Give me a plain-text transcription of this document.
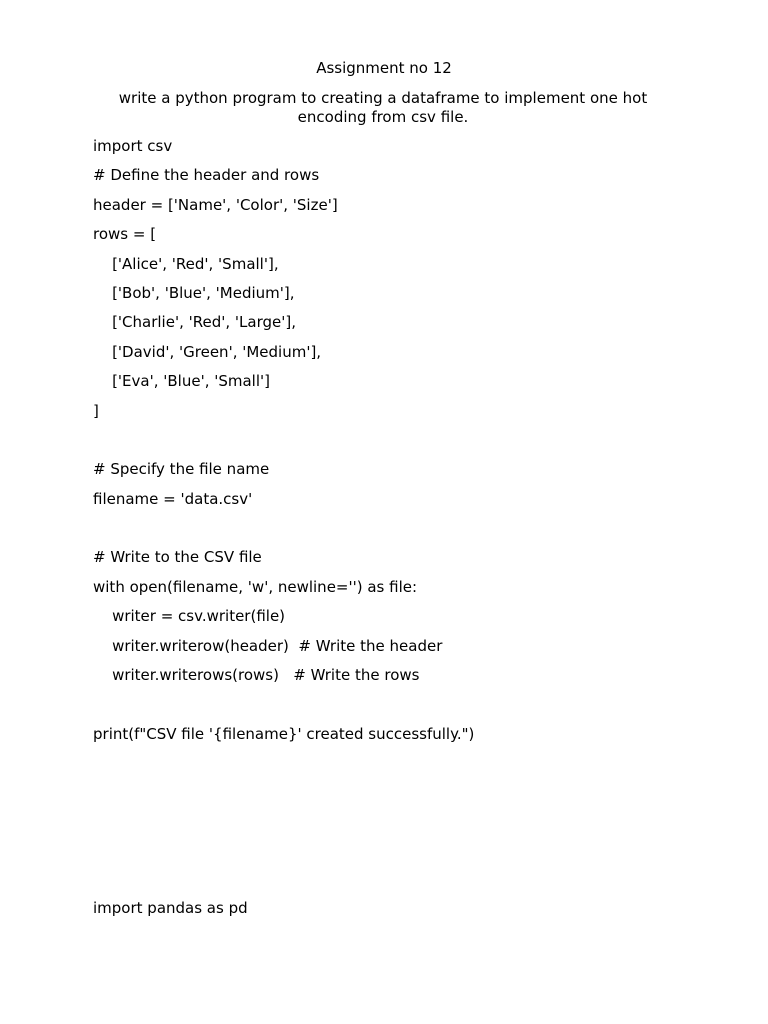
Assignment no 12
write a python program to creating a dataframe to implement one hot encoding from csv file.
import csv
# Define the header and rows
header = ['Name', 'Color', 'Size']
rows = [
['Alice', 'Red', 'Small'],
['Bob', 'Blue', 'Medium'],
['Charlie', 'Red', 'Large'],
['David', 'Green', 'Medium'],
['Eva', 'Blue', 'Small']
]
# Specify the file name
filename = 'data.csv'
# Write to the CSV file
with open(filename, 'w', newline='') as file:
writer = csv.writer(file)
writer.writerow(header)  # Write the header
writer.writerows(rows)   # Write the rows
print(f"CSV file '{filename}' created successfully.")
import pandas as pd
